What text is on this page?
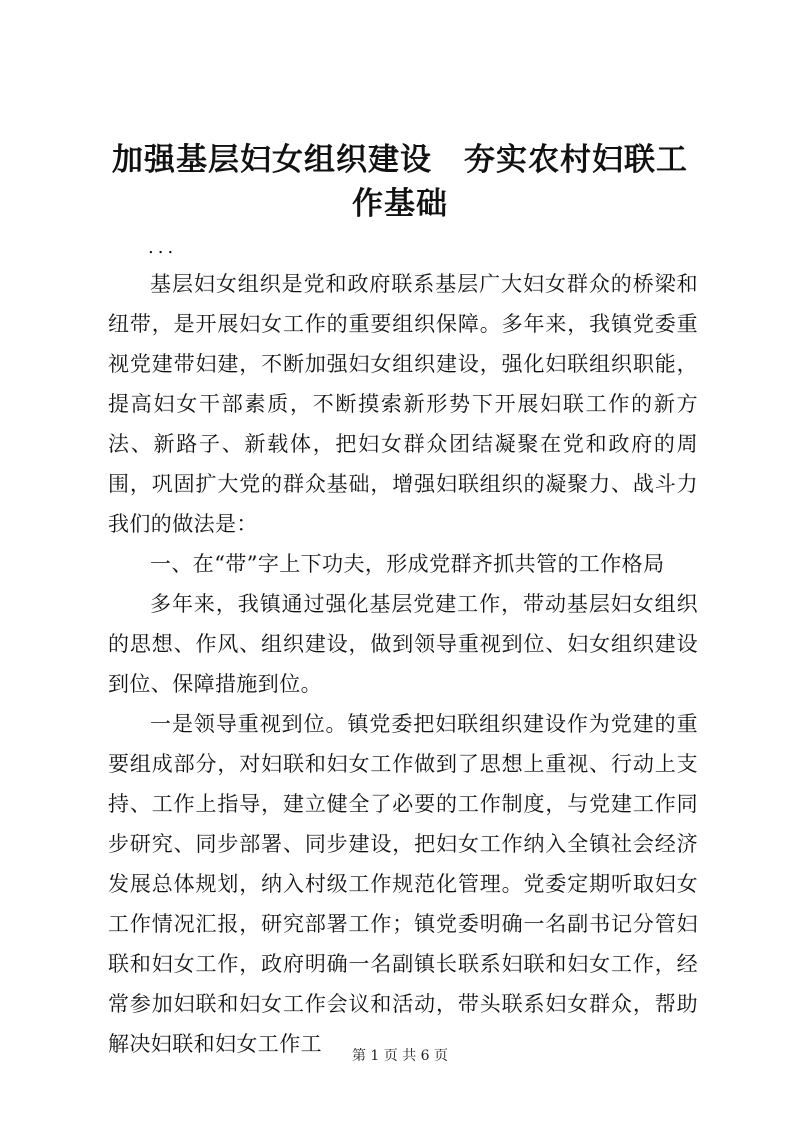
加强基层妇女组织建设　夯实农村妇联工作基础
...

基层妇女组织是党和政府联系基层广大妇女群众的桥梁和纽带，是开展妇女工作的重要组织保障。多年来，我镇党委重视党建带妇建，不断加强妇女组织建设，强化妇联组织职能，提高妇女干部素质，不断摸索新形势下开展妇联工作的新方法、新路子、新载体，把妇女群众团结凝聚在党和政府的周围，巩固扩大党的群众基础，增强妇联组织的凝聚力、战斗力我们的做法是：

一、在“带”字上下功夫，形成党群齐抓共管的工作格局

多年来，我镇通过强化基层党建工作，带动基层妇女组织的思想、作风、组织建设，做到领导重视到位、妇女组织建设到位、保障措施到位。

一是领导重视到位。镇党委把妇联组织建设作为党建的重要组成部分，对妇联和妇女工作做到了思想上重视、行动上支持、工作上指导，建立健全了必要的工作制度，与党建工作同步研究、同步部署、同步建设，把妇女工作纳入全镇社会经济发展总体规划，纳入村级工作规范化管理。党委定期听取妇女工作情况汇报，研究部署工作；镇党委明确一名副书记分管妇联和妇女工作，政府明确一名副镇长联系妇联和妇女工作，经常参加妇联和妇女工作会议和活动，带头联系妇女群众，帮助解决妇联和妇女工作工	第 1 页 共 6 页
